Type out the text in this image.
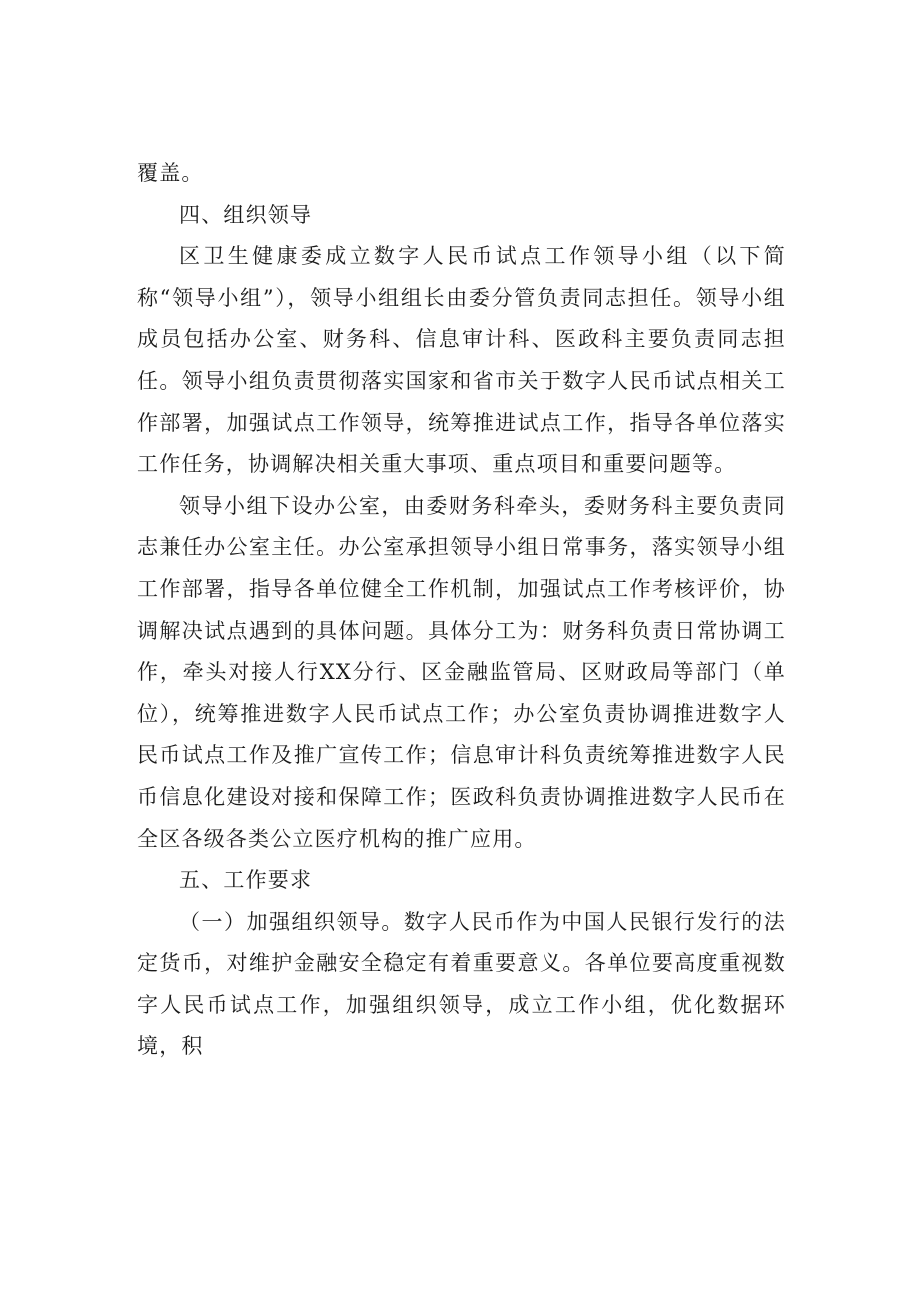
覆盖。

四、组织领导

区卫生健康委成立数字人民币试点工作领导小组（以下简称“领导小组”），领导小组组长由委分管负责同志担任。领导小组成员包括办公室、财务科、信息审计科、医政科主要负责同志担任。领导小组负责贯彻落实国家和省市关于数字人民币试点相关工作部署，加强试点工作领导，统筹推进试点工作，指导各单位落实工作任务，协调解决相关重大事项、重点项目和重要问题等。

领导小组下设办公室，由委财务科牵头，委财务科主要负责同志兼任办公室主任。办公室承担领导小组日常事务，落实领导小组工作部署，指导各单位健全工作机制，加强试点工作考核评价，协调解决试点遇到的具体问题。具体分工为：财务科负责日常协调工作，牵头对接人行XX分行、区金融监管局、区财政局等部门（单位），统筹推进数字人民币试点工作；办公室负责协调推进数字人民币试点工作及推广宣传工作；信息审计科负责统筹推进数字人民币信息化建设对接和保障工作；医政科负责协调推进数字人民币在全区各级各类公立医疗机构的推广应用。

五、工作要求

（一）加强组织领导。数字人民币作为中国人民银行发行的法定货币，对维护金融安全稳定有着重要意义。各单位要高度重视数字人民币试点工作，加强组织领导，成立工作小组，优化数据环境，积
